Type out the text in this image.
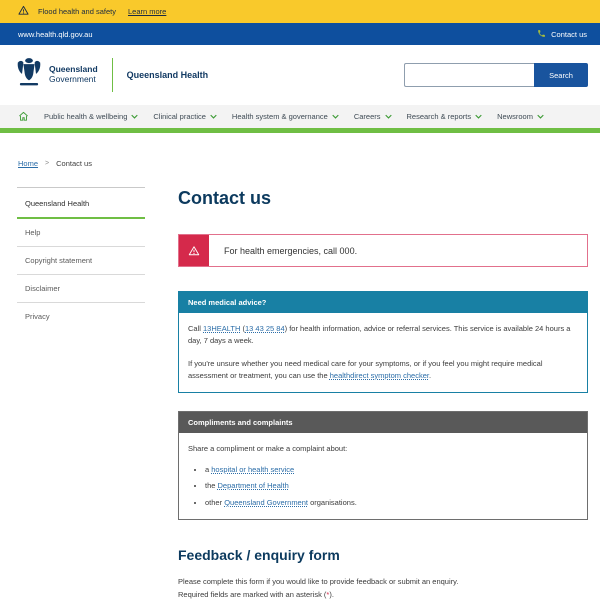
Flood health and safety Learn more
www.health.qld.gov.au	Contact us
Queensland
Government	Queensland Health	Search
Public health & wellbeing	Clinical practice	Health system & governance	Careers	Research & reports	Newsroom
Home > Contact us
Queensland Health
Help
Copyright statement
Disclaimer
Privacy
Contact us
For health emergencies, call 000.
Need medical advice?

Call 13HEALTH (13 43 25 84) for health information, advice or referral services. This service is available 24 hours a day, 7 days a week.

If you're unsure whether you need medical care for your symptoms, or if you feel you might require medical assessment or treatment, you can use the healthdirect symptom checker.

Compliments and complaints

Share a compliment or make a complaint about:

• a hospital or health service
• the Department of Health
• other Queensland Government organisations.
Feedback / enquiry form

Please complete this form if you would like to provide feedback or submit an enquiry.

Required fields are marked with an asterisk (*).
